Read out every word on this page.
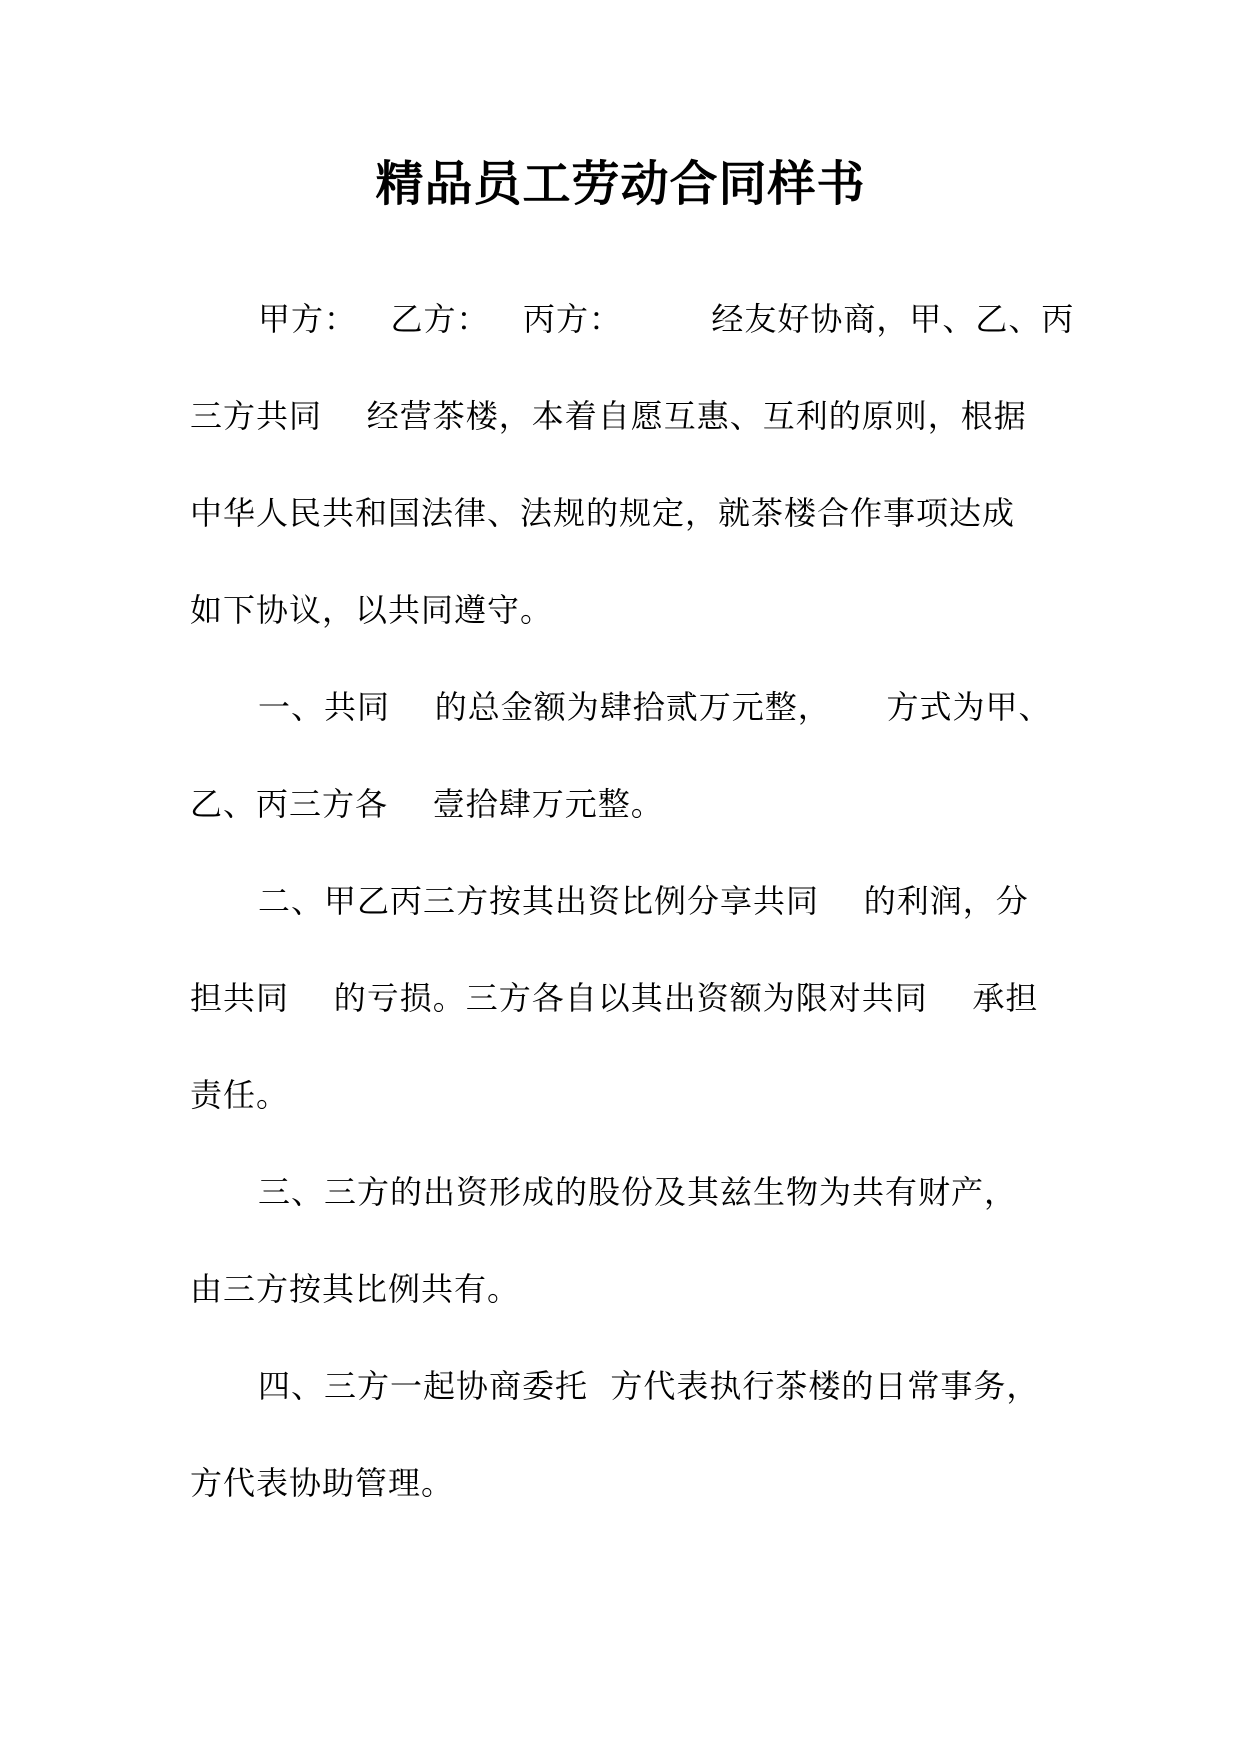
精品员工劳动合同样书
甲方：   乙方：   丙方：        经友好协商，甲、乙、丙
三方共同    经营茶楼，本着自愿互惠、互利的原则，根据
中华人民共和国法律、法规的规定，就茶楼合作事项达成
如下协议，以共同遵守。
一、共同    的总金额为肆拾贰万元整，     方式为甲、
乙、丙三方各    壹拾肆万元整。
二、甲乙丙三方按其出资比例分享共同    的利润，分
担共同    的亏损。三方各自以其出资额为限对共同    承担
责任。
三、三方的出资形成的股份及其兹生物为共有财产，
由三方按其比例共有。
四、三方一起协商委托  方代表执行茶楼的日常事务，
方代表协助管理。
